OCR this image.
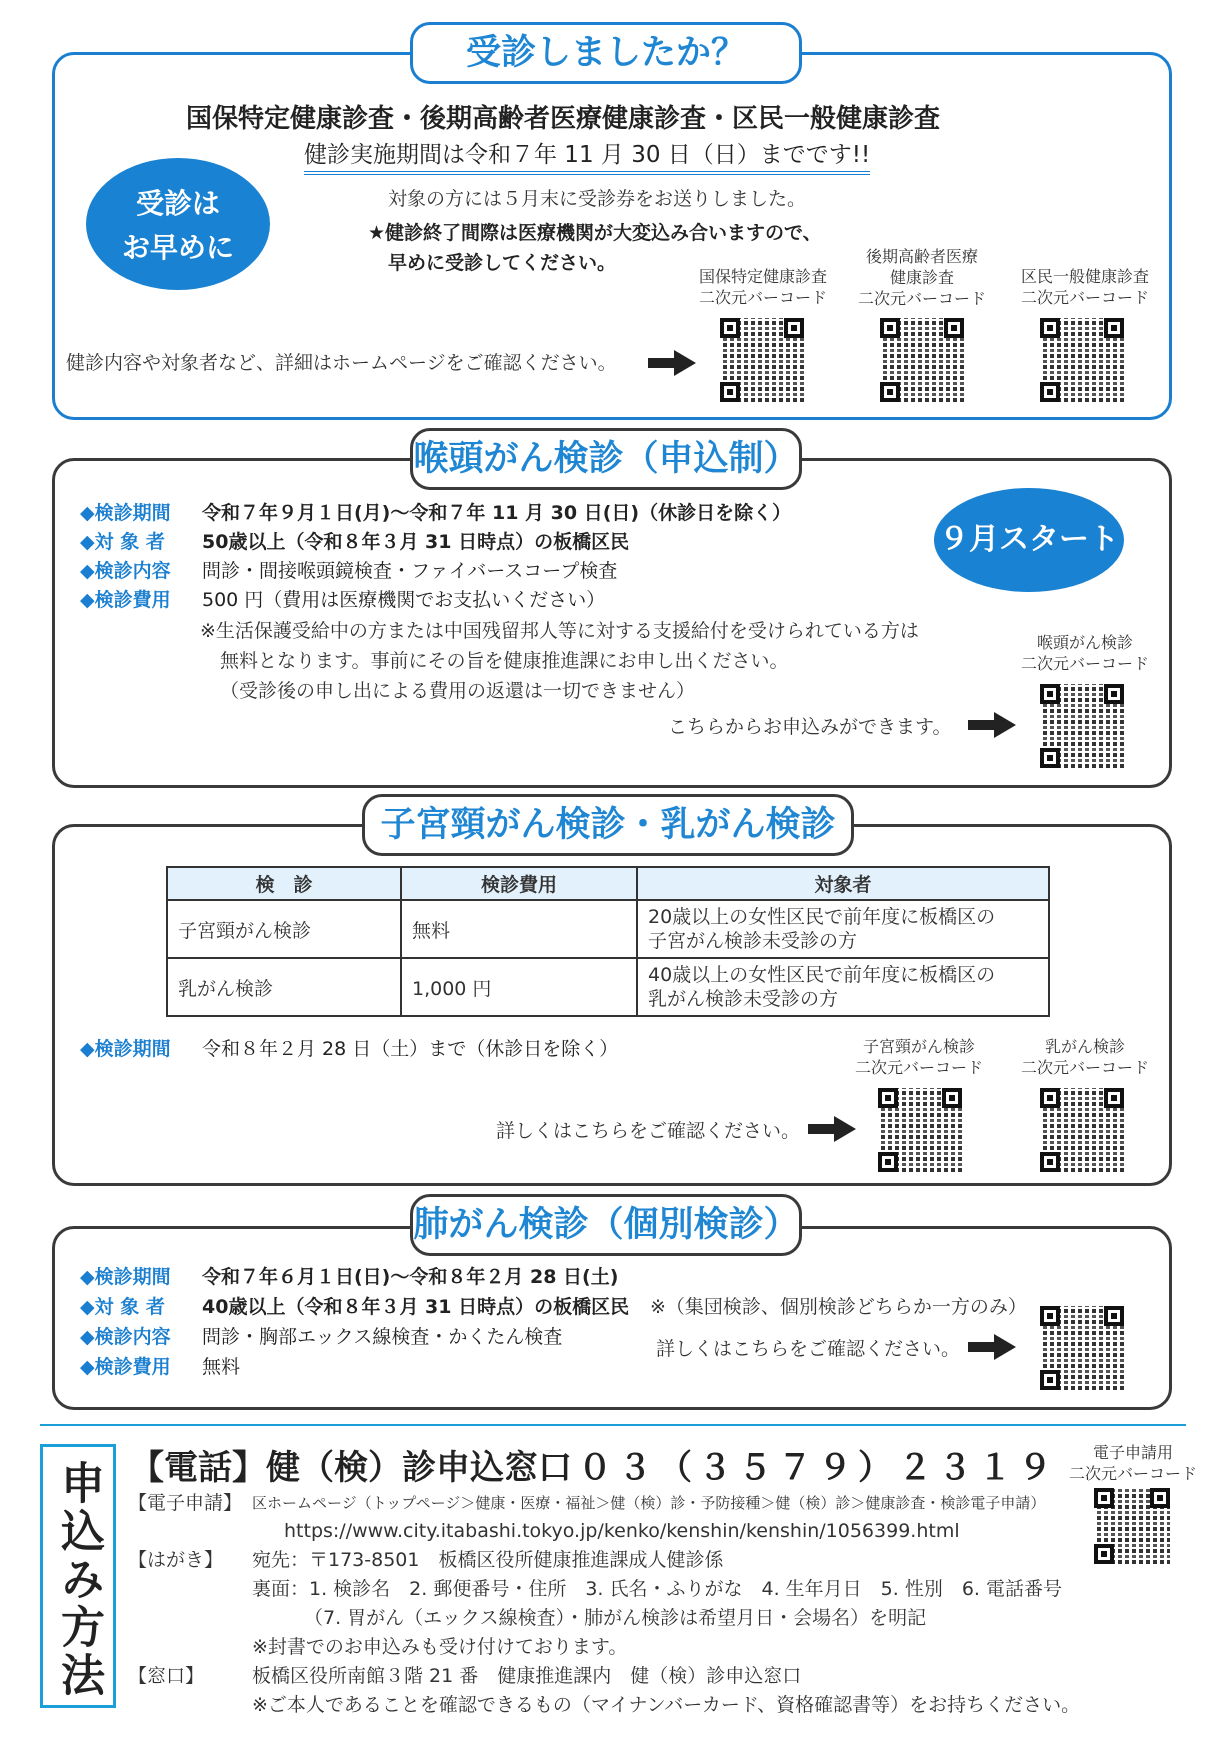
受診しましたか？
国保特定健康診査・後期高齢者医療健康診査・区民一般健康診査
健診実施期間は令和７年 11 月 30 日（日）までです!!
受診は
お早めに
対象の方には５月末に受診券をお送りしました。
★健診終了間際は医療機関が大変込み合いますので、
早めに受診してください。
健診内容や対象者など、詳細はホームページをご確認ください。
国保特定健康診査
二次元バーコード
後期高齢者医療
健康診査
二次元バーコード
区民一般健康診査
二次元バーコード
喉頭がん検診（申込制）
９月スタート
◆検診期間 令和７年９月１日(月)～令和７年 11 月 30 日(日)（休診日を除く）
◆対 象 者 50歳以上（令和８年３月 31 日時点）の板橋区民
◆検診内容 問診・間接喉頭鏡検査・ファイバースコープ検査
◆検診費用 500 円（費用は医療機関でお支払いください）
※生活保護受給中の方または中国残留邦人等に対する支援給付を受けられている方は
無料となります。事前にその旨を健康推進課にお申し出ください。
（受診後の申し出による費用の返還は一切できません）
こちらからお申込みができます。
喉頭がん検診
二次元バーコード
子宮頸がん検診・乳がん検診
検　診	検診費用	対象者
子宮頸がん検診	無料	20歳以上の女性区民で前年度に板橋区の
子宮がん検診未受診の方

乳がん検診	1,000 円	40歳以上の女性区民で前年度に板橋区の
乳がん検診未受診の方
◆検診期間 令和８年２月 28 日（土）まで（休診日を除く）
詳しくはこちらをご確認ください。
子宮頸がん検診
二次元バーコード
乳がん検診
二次元バーコード
肺がん検診（個別検診）
◆検診期間 令和７年６月１日(日)～令和８年２月 28 日(土)
◆対 象 者 40歳以上（令和８年３月 31 日時点）の板橋区民
◆検診内容 問診・胸部エックス線検査・かくたん検査
◆検診費用 無料
※（集団検診、個別検診どちらか一方のみ）
詳しくはこちらをご確認ください。
申込み方法 【電話】健（検）診申込窓口 ０３（３５７９）２３１９	電子申請用
二次元バーコード
【電子申請】 区ホームページ（トップページ＞健康・医療・福祉＞健（検）診・予防接種＞健（検）診＞健康診査・検診電子申請）
https://www.city.itabashi.tokyo.jp/kenko/kenshin/kenshin/1056399.html
【はがき】 宛先：〒173-8501　板橋区役所健康推進課成人健診係
裏面：1. 検診名　2. 郵便番号・住所　3. 氏名・ふりがな　4. 生年月日　5. 性別　6. 電話番号
（7. 胃がん（エックス線検査）・肺がん検診は希望月日・会場名）を明記
※封書でのお申込みも受け付けております。
【窓口】	板橋区役所南館３階 21 番　健康推進課内　健（検）診申込窓口
※ご本人であることを確認できるもの（マイナンバーカード、資格確認書等）をお持ちください。
